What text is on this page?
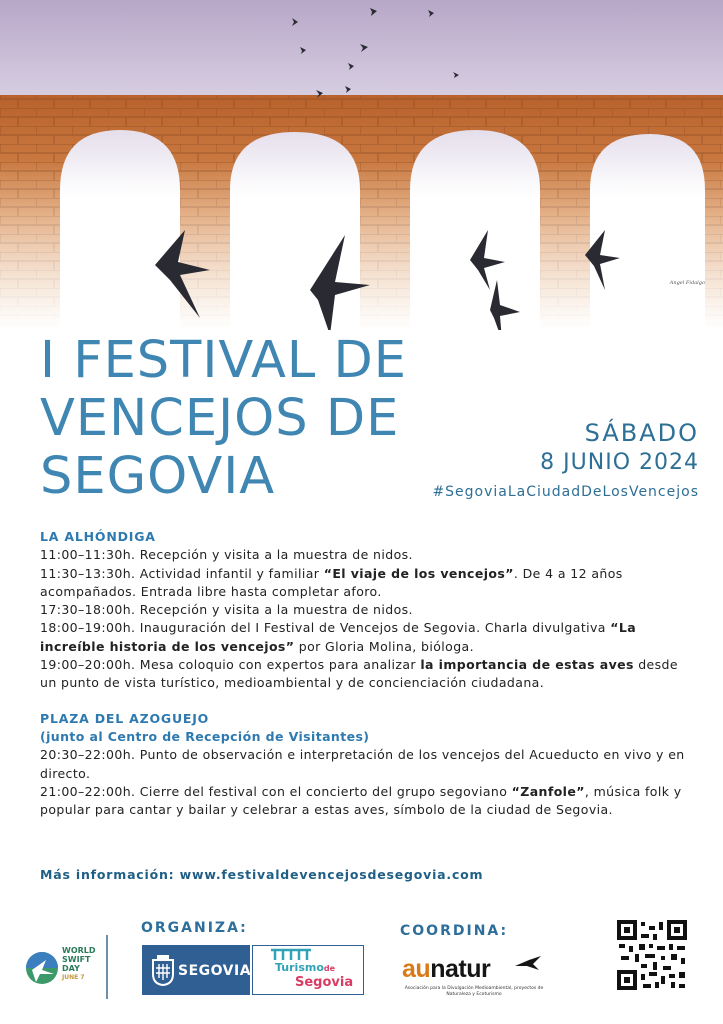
Angel Fidalgo
I FESTIVAL DE
VENCEJOS DE
SEGOVIA
SÁBADO
8 JUNIO 2024
#SegoviaLaCiudadDeLosVencejos

LA ALHÓNDIGA

11:00–11:30h. Recepción y visita a la muestra de nidos.

11:30–13:30h. Actividad infantil y familiar “El viaje de los vencejos”. De 4 a 12 años acompañados. Entrada libre hasta completar aforo.

17:30–18:00h. Recepción y visita a la muestra de nidos.

18:00–19:00h. Inauguración del I Festival de Vencejos de Segovia. Charla divulgativa “La increíble historia de los vencejos” por Gloria Molina, bióloga.

19:00–20:00h. Mesa coloquio con expertos para analizar la importancia de estas aves desde un punto de vista turístico, medioambiental y de concienciación ciudadana.

PLAZA DEL AZOGUEJO

(junto al Centro de Recepción de Visitantes)

20:30–22:00h. Punto de observación e interpretación de los vencejos del Acueducto en vivo y en directo.

21:00–22:00h. Cierre del festival con el concierto del grupo segoviano “Zanfole”, música folk y popular para cantar y bailar y celebrar a estas aves, símbolo de la ciudad de Segovia.

Más información: www.festivaldevencejosdesegovia.com
ORGANIZA:	COORDINA:
WORLD
SWIFT
DAY
JUNE 7	SEGOVIA Turismode
Segovia aunatur
Asociación para la Divulgación Medioambiental, proyectos de Naturaleza y Ecoturismo
